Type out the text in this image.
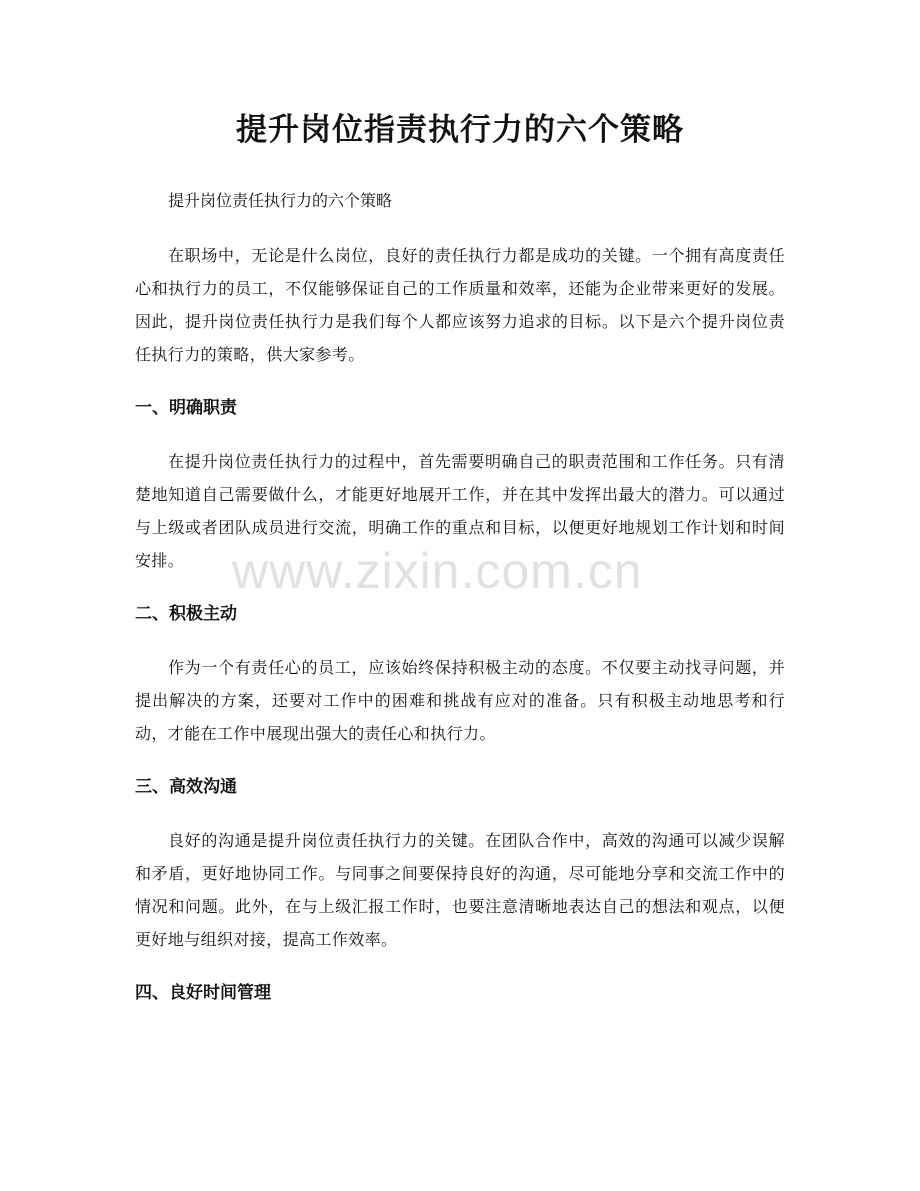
提升岗位指责执行力的六个策略

提升岗位责任执行力的六个策略

在职场中，无论是什么岗位，良好的责任执行力都是成功的关键。一个拥有高度责任心和执行力的员工，不仅能够保证自己的工作质量和效率，还能为企业带来更好的发展。因此，提升岗位责任执行力是我们每个人都应该努力追求的目标。以下是六个提升岗位责任执行力的策略，供大家参考。

一、明确职责

在提升岗位责任执行力的过程中，首先需要明确自己的职责范围和工作任务。只有清楚地知道自己需要做什么，才能更好地展开工作，并在其中发挥出最大的潜力。可以通过与上级或者团队成员进行交流，明确工作的重点和目标，以便更好地规划工作计划和时间安排。

二、积极主动

作为一个有责任心的员工，应该始终保持积极主动的态度。不仅要主动找寻问题，并提出解决的方案，还要对工作中的困难和挑战有应对的准备。只有积极主动地思考和行动，才能在工作中展现出强大的责任心和执行力。

三、高效沟通

良好的沟通是提升岗位责任执行力的关键。在团队合作中，高效的沟通可以减少误解和矛盾，更好地协同工作。与同事之间要保持良好的沟通，尽可能地分享和交流工作中的情况和问题。此外，在与上级汇报工作时，也要注意清晰地表达自己的想法和观点，以便更好地与组织对接，提高工作效率。

四、良好时间管理
www.zixin.com.cn
